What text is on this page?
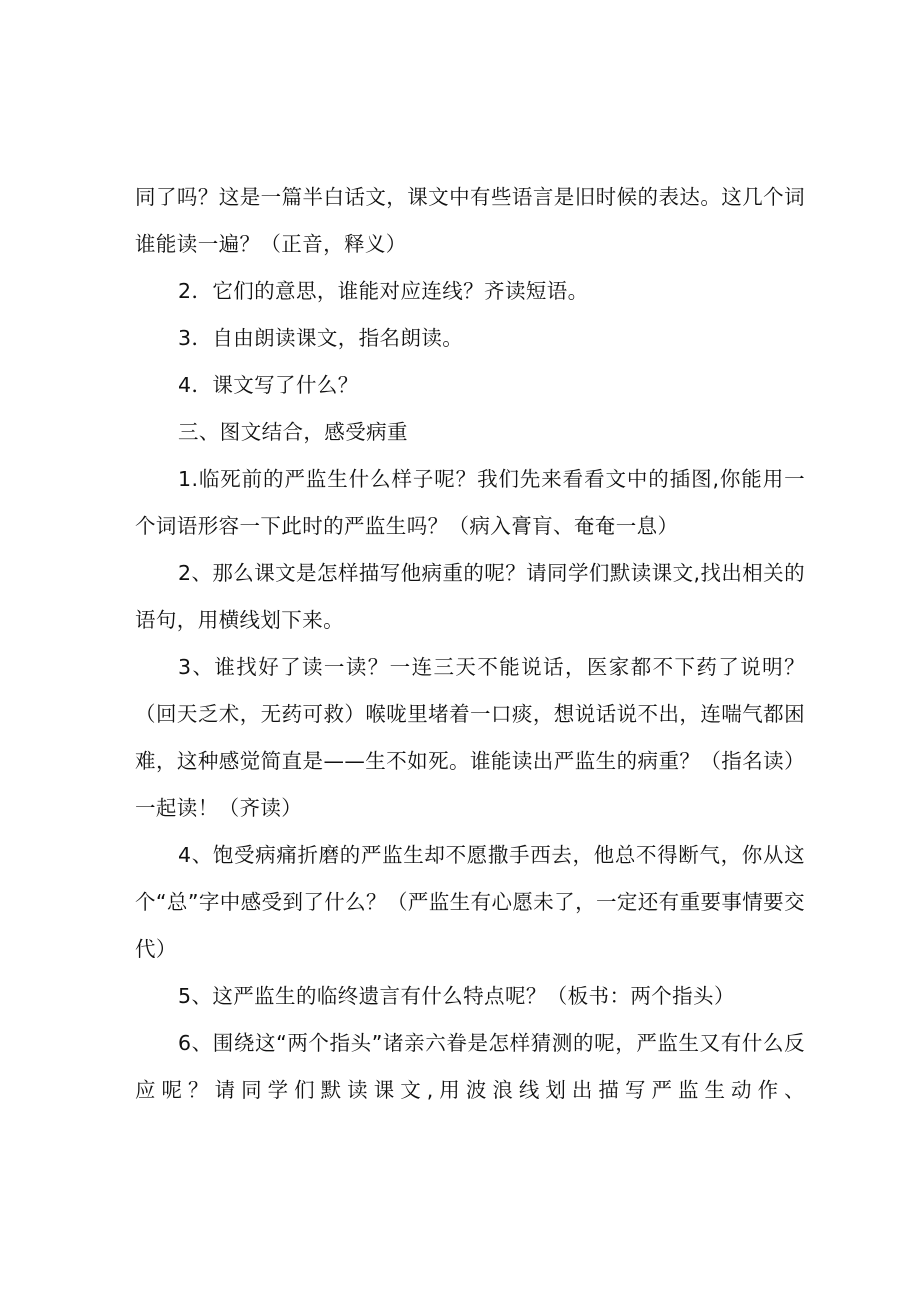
同了吗？这是一篇半白话文，课文中有些语言是旧时候的表达。这几个词谁能读一遍？（正音，释义）

2．它们的意思，谁能对应连线？齐读短语。

3．自由朗读课文，指名朗读。

4．课文写了什么？

三、图文结合，感受病重

1.临死前的严监生什么样子呢？我们先来看看文中的插图,你能用一个词语形容一下此时的严监生吗？（病入膏肓、奄奄一息）

2、那么课文是怎样描写他病重的呢？请同学们默读课文,找出相关的语句，用横线划下来。

3、谁找好了读一读？一连三天不能说话，医家都不下药了说明？（回天乏术，无药可救）喉咙里堵着一口痰，想说话说不出，连喘气都困难，这种感觉简直是——生不如死。谁能读出严监生的病重？（指名读）一起读！（齐读）

4、饱受病痛折磨的严监生却不愿撒手西去，他总不得断气，你从这个“总”字中感受到了什么？（严监生有心愿未了，一定还有重要事情要交代）

5、这严监生的临终遗言有什么特点呢？（板书：两个指头）

6、围绕这“两个指头”诸亲六眷是怎样猜测的呢，严监生又有什么反应呢？请同学们默读课文,用波浪线划出描写严监生动作、
